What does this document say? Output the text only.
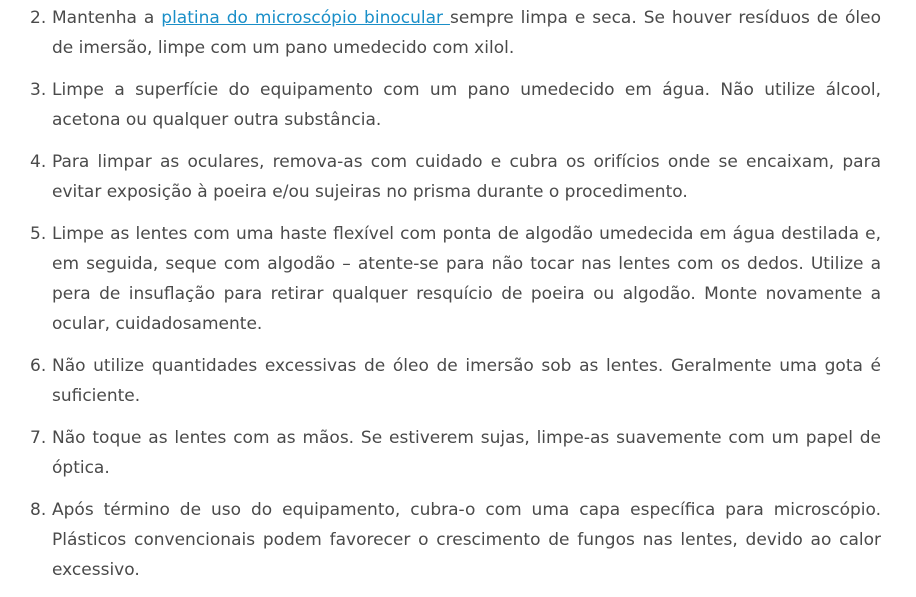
2. Mantenha a platina do microscópio binocular sempre limpa e seca. Se houver resíduos de óleo de imersão, limpe com um pano umedecido com xilol.
3. Limpe a superfície do equipamento com um pano umedecido em água. Não utilize álcool, acetona ou qualquer outra substância.
4. Para limpar as oculares, remova-as com cuidado e cubra os orifícios onde se encaixam, para evitar exposição à poeira e/ou sujeiras no prisma durante o procedimento.
5. Limpe as lentes com uma haste flexível com ponta de algodão umedecida em água destilada e, em seguida, seque com algodão – atente-se para não tocar nas lentes com os dedos. Utilize a pera de insuflação para retirar qualquer resquício de poeira ou algodão. Monte novamente a ocular, cuidadosamente.
6. Não utilize quantidades excessivas de óleo de imersão sob as lentes. Geralmente uma gota é suficiente.
7. Não toque as lentes com as mãos. Se estiverem sujas, limpe-as suavemente com um papel de óptica.
8. Após término de uso do equipamento, cubra-o com uma capa específica para microscópio. Plásticos convencionais podem favorecer o crescimento de fungos nas lentes, devido ao calor excessivo.
